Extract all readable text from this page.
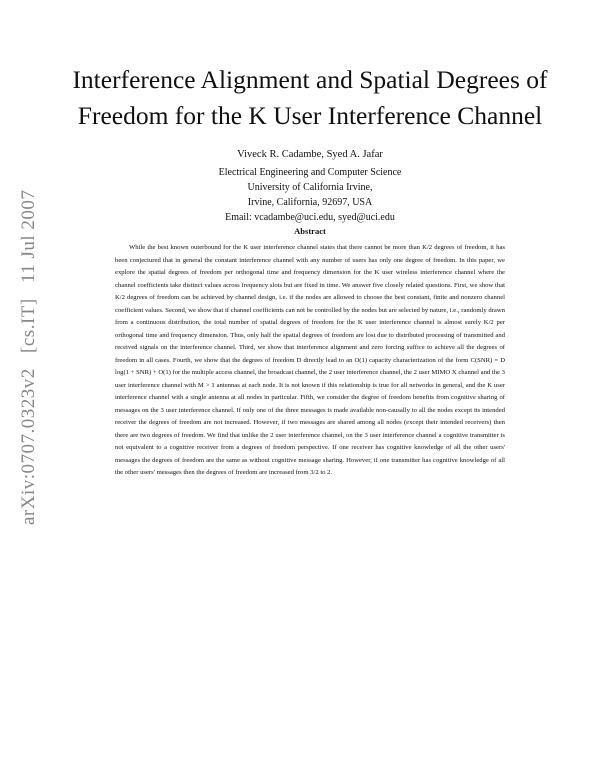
arXiv:0707.0323v2 [cs.IT] 11 Jul 2007
Interference Alignment and Spatial Degrees of Freedom for the K User Interference Channel
Viveck R. Cadambe, Syed A. Jafar
Electrical Engineering and Computer Science
University of California Irvine,
Irvine, California, 92697, USA
Email: vcadambe@uci.edu, syed@uci.edu
Abstract

While the best known outerbound for the K user interference channel states that there cannot be more than K/2 degrees of freedom, it has been conjectured that in general the constant interference channel with any number of users has only one degree of freedom. In this paper, we explore the spatial degrees of freedom per orthogonal time and frequency dimension for the K user wireless interference channel where the channel coefficients take distinct values across frequency slots but are fixed in time. We answer five closely related questions. First, we show that K/2 degrees of freedom can be achieved by channel design, i.e. if the nodes are allowed to choose the best constant, finite and nonzero channel coefficient values. Second, we show that if channel coefficients can not be controlled by the nodes but are selected by nature, i.e., randomly drawn from a continuous distribution, the total number of spatial degrees of freedom for the K user interference channel is almost surely K/2 per orthogonal time and frequency dimension. Thus, only half the spatial degrees of freedom are lost due to distributed processing of transmitted and received signals on the interference channel. Third, we show that interference alignment and zero forcing suffice to achieve all the degrees of freedom in all cases. Fourth, we show that the degrees of freedom D directly lead to an O(1) capacity characterization of the form C(SNR) = D log(1 + SNR) + O(1) for the multiple access channel, the broadcast channel, the 2 user interference channel, the 2 user MIMO X channel and the 3 user interference channel with M > 1 antennas at each node. It is not known if this relationship is true for all networks in general, and the K user interference channel with a single antenna at all nodes in particular. Fifth, we consider the degree of freedom benefits from cognitive sharing of messages on the 3 user interference channel. If only one of the three messages is made available non-causally to all the nodes except its intended receiver the degrees of freedom are not increased. However, if two messages are shared among all nodes (except their intended receivers) then there are two degrees of freedom. We find that unlike the 2 user interference channel, on the 3 user interference channel a cognitive transmitter is not equivalent to a cognitive receiver from a degrees of freedom perspective. If one receiver has cognitive knowledge of all the other users' messages the degrees of freedom are the same as without cognitive message sharing. However, if one transmitter has cognitive knowledge of all the other users' messages then the degrees of freedom are increased from 3/2 to 2.
